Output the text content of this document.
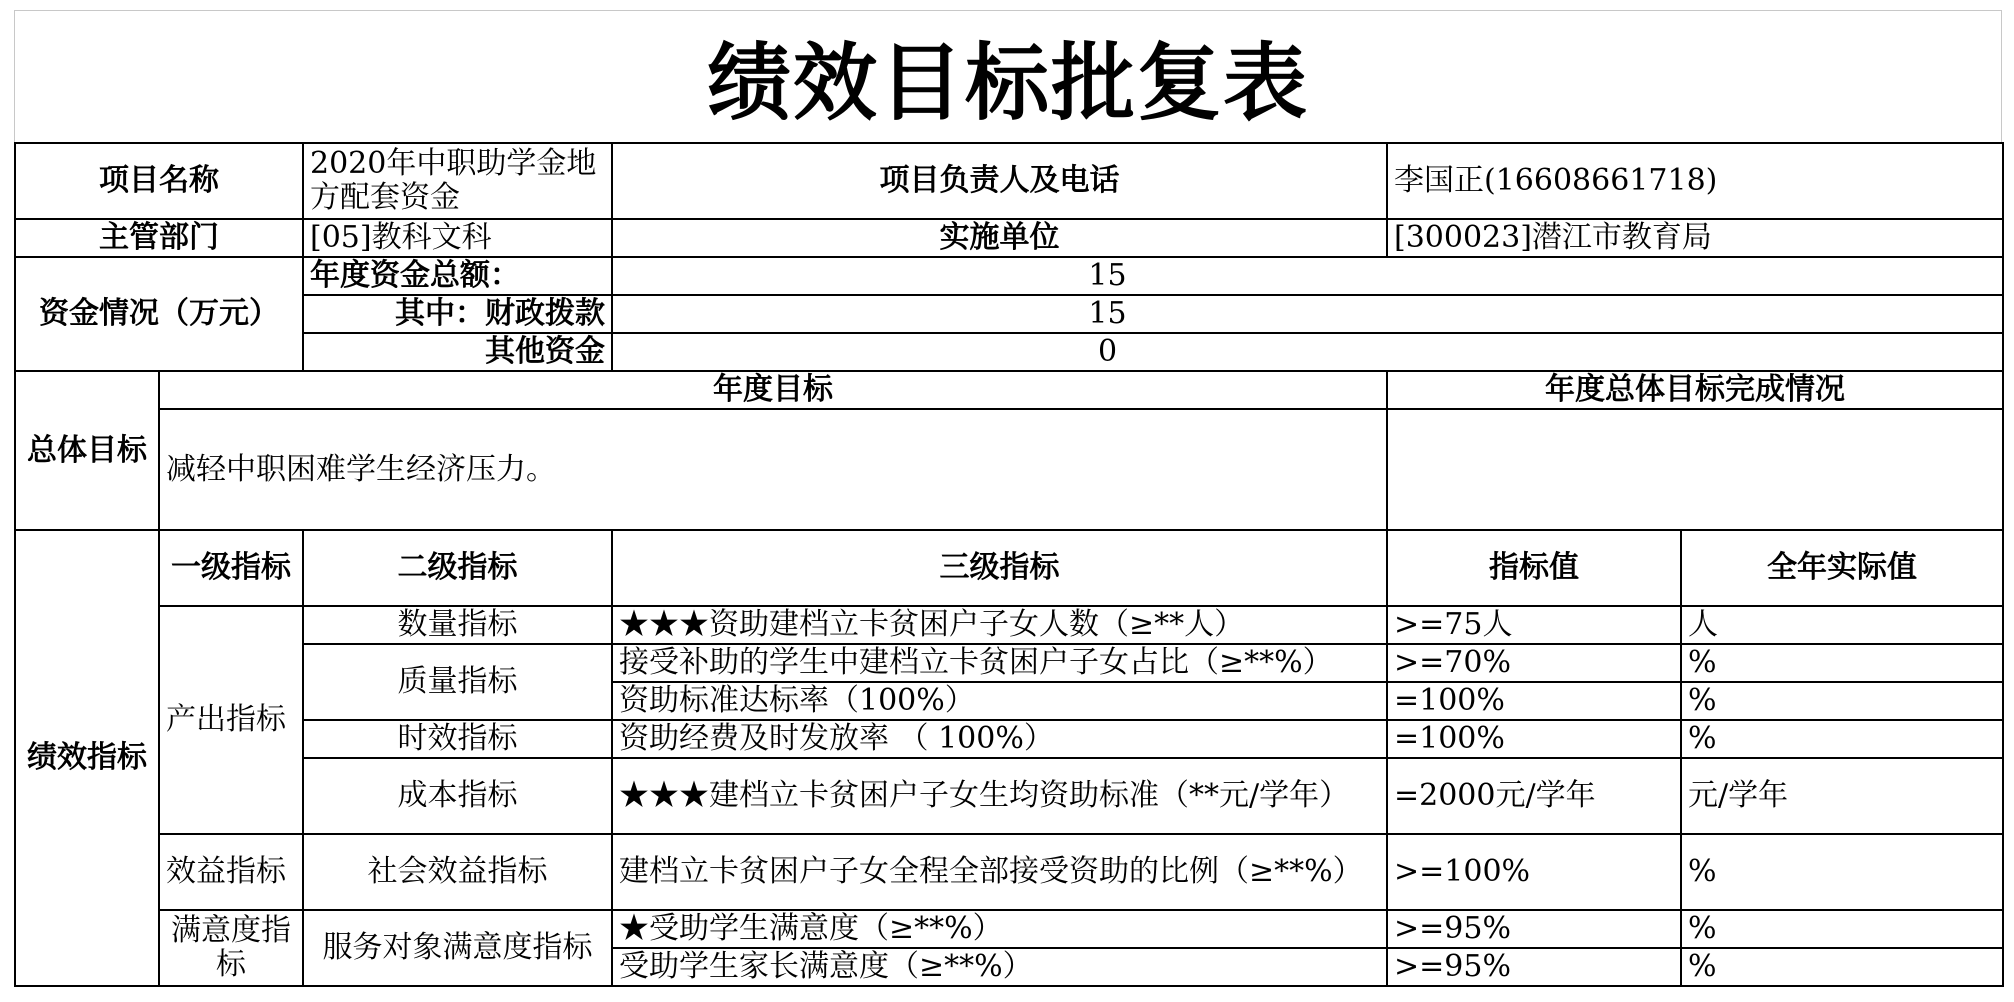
绩效目标批复表
项目名称		2020年中职助学金地方配套资金	项目负责人及电话	李国正(16608661718)	
主管部门		[05]教科文科	实施单位	[300023]潜江市教育局	
资金情况（万元）		年度资金总额：	15		
		其中：财政拨款	15		
		其他资金	0		
总体目标	年度目标			年度总体目标完成情况	
	减轻中职困难学生经济压力。				
绩效指标	一级指标	二级指标	三级指标	指标值	全年实际值
	产出指标	数量指标	★★★资助建档立卡贫困户子女人数（≥**人）	>=75人	人
		质量指标	接受补助的学生中建档立卡贫困户子女占比（≥**%）	>=70%	%
			资助标准达标率（100%）	=100%	%
		时效指标	资助经费及时发放率 （ 100%）	=100%	%
		成本指标	★★★建档立卡贫困户子女生均资助标准（**元/学年）	=2000元/学年	元/学年
	效益指标	社会效益指标	建档立卡贫困户子女全程全部接受资助的比例（≥**%）	>=100%	%
	满意度指标	服务对象满意度指标	★受助学生满意度（≥**%）	>=95%	%
			受助学生家长满意度（≥**%）	>=95%	%
